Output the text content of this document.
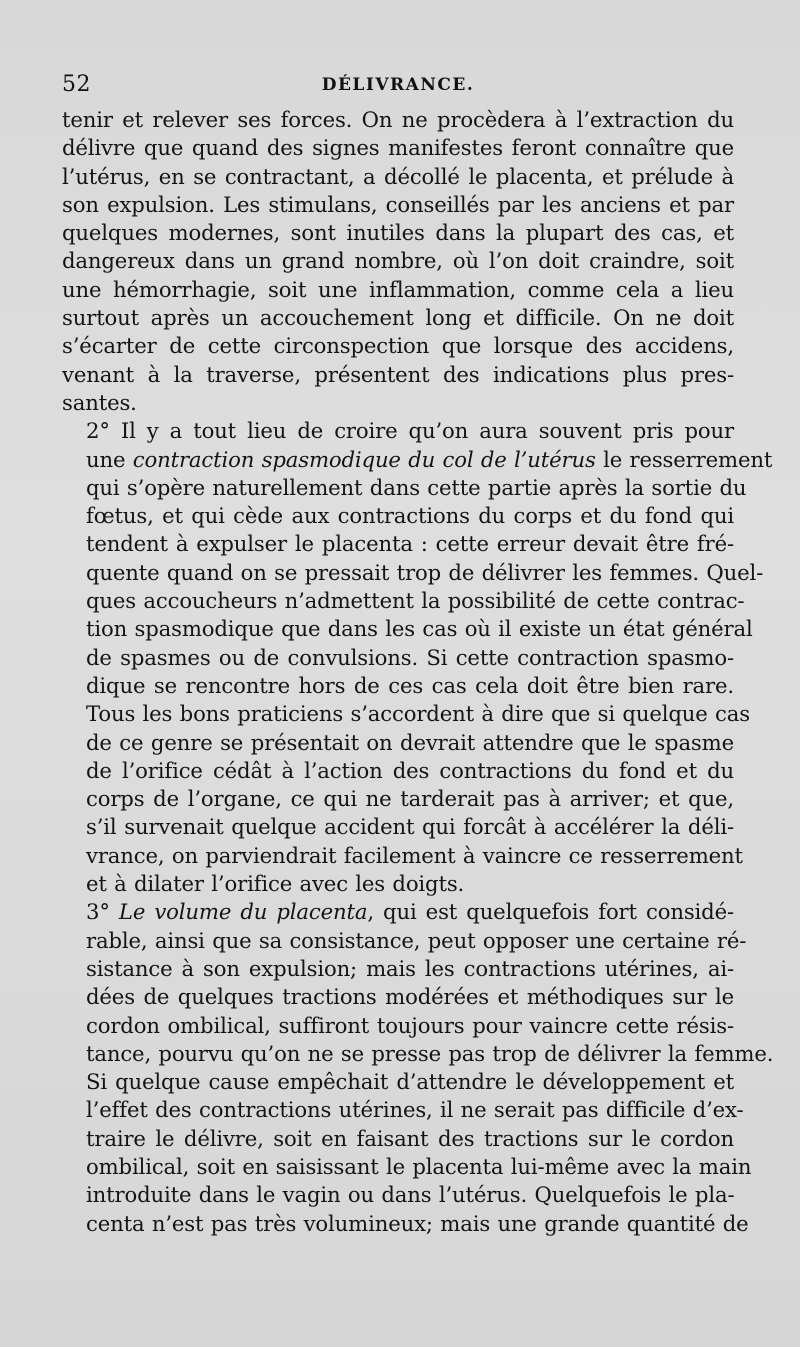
52	DÉLIVRANCE.

tenir et relever ses forces. On ne procèdera à l’extraction du
délivre que quand des signes manifestes feront connaître que
l’utérus, en se contractant, a décollé le placenta, et prélude à
son expulsion. Les stimulans, conseillés par les anciens et par
quelques modernes, sont inutiles dans la plupart des cas, et
dangereux dans un grand nombre, où l’on doit craindre, soit
une hémorrhagie, soit une inflammation, comme cela a lieu
surtout après un accouchement long et difficile. On ne doit
s’écarter de cette circonspection que lorsque des accidens,
venant à la traverse, présentent des indications plus pres-
santes.

2° Il y a tout lieu de croire qu’on aura souvent pris pour
une contraction spasmodique du col de l’utérus le resserrement
qui s’opère naturellement dans cette partie après la sortie du
fœtus, et qui cède aux contractions du corps et du fond qui
tendent à expulser le placenta : cette erreur devait être fré-
quente quand on se pressait trop de délivrer les femmes. Quel-
ques accoucheurs n’admettent la possibilité de cette contrac-
tion spasmodique que dans les cas où il existe un état général
de spasmes ou de convulsions. Si cette contraction spasmo-
dique se rencontre hors de ces cas cela doit être bien rare.
Tous les bons praticiens s’accordent à dire que si quelque cas
de ce genre se présentait on devrait attendre que le spasme
de l’orifice cédât à l’action des contractions du fond et du
corps de l’organe, ce qui ne tarderait pas à arriver; et que,
s’il survenait quelque accident qui forcât à accélérer la déli-
vrance, on parviendrait facilement à vaincre ce resserrement
et à dilater l’orifice avec les doigts.

3° Le volume du placenta, qui est quelquefois fort considé-
rable, ainsi que sa consistance, peut opposer une certaine ré-
sistance à son expulsion; mais les contractions utérines, ai-
dées de quelques tractions modérées et méthodiques sur le
cordon ombilical, suffiront toujours pour vaincre cette résis-
tance, pourvu qu’on ne se presse pas trop de délivrer la femme.
Si quelque cause empêchait d’attendre le développement et
l’effet des contractions utérines, il ne serait pas difficile d’ex-
traire le délivre, soit en faisant des tractions sur le cordon
ombilical, soit en saisissant le placenta lui-même avec la main
introduite dans le vagin ou dans l’utérus. Quelquefois le pla-
centa n’est pas très volumineux; mais une grande quantité de
